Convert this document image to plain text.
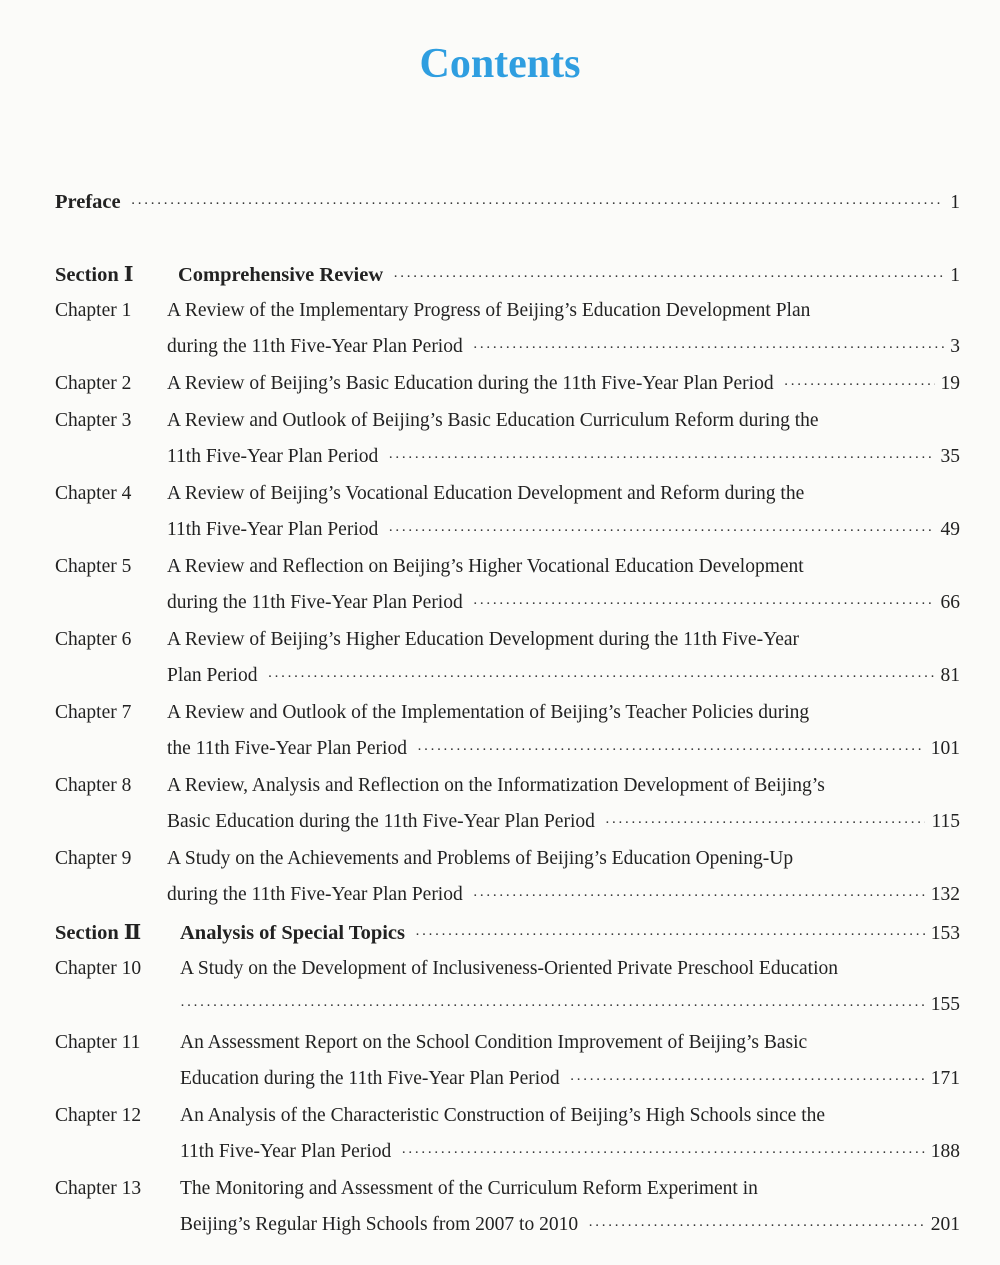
Contents
Preface ·····	1
Section Ⅰ	Comprehensive Review ·····	1
Chapter 1 A Review of the Implementary Progress of Beijing’s Education Development Plan
during the 11th Five-Year Plan Period ·····	3
Chapter 2	A Review of Beijing’s Basic Education during the 11th Five-Year Plan Period ·····	19
Chapter 3 A Review and Outlook of Beijing’s Basic Education Curriculum Reform during the
11th Five-Year Plan Period ·····	35
Chapter 4 A Review of Beijing’s Vocational Education Development and Reform during the
11th Five-Year Plan Period ·····	49
Chapter 5 A Review and Reflection on Beijing’s Higher Vocational Education Development
during the 11th Five-Year Plan Period ·····	66
Chapter 6 A Review of Beijing’s Higher Education Development during the 11th Five-Year
Plan Period ·····	81
Chapter 7 A Review and Outlook of the Implementation of Beijing’s Teacher Policies during
the 11th Five-Year Plan Period ·····	101
Chapter 8 A Review, Analysis and Reflection on the Informatization Development of Beijing’s
Basic Education during the 11th Five-Year Plan Period ·····	115
Chapter 9 A Study on the Achievements and Problems of Beijing’s Education Opening-Up
during the 11th Five-Year Plan Period ·····	132
Section Ⅱ	Analysis of Special Topics ·····	153
Chapter 10 A Study on the Development of Inclusiveness-Oriented Private Preschool Education
·····
155
Chapter 11 An Assessment Report on the School Condition Improvement of Beijing’s Basic
Education during the 11th Five-Year Plan Period ·····	171
Chapter 12 An Analysis of the Characteristic Construction of Beijing’s High Schools since the
11th Five-Year Plan Period ·····	188
Chapter 13 The Monitoring and Assessment of the Curriculum Reform Experiment in
Beijing’s Regular High Schools from 2007 to 2010 ·····	201
